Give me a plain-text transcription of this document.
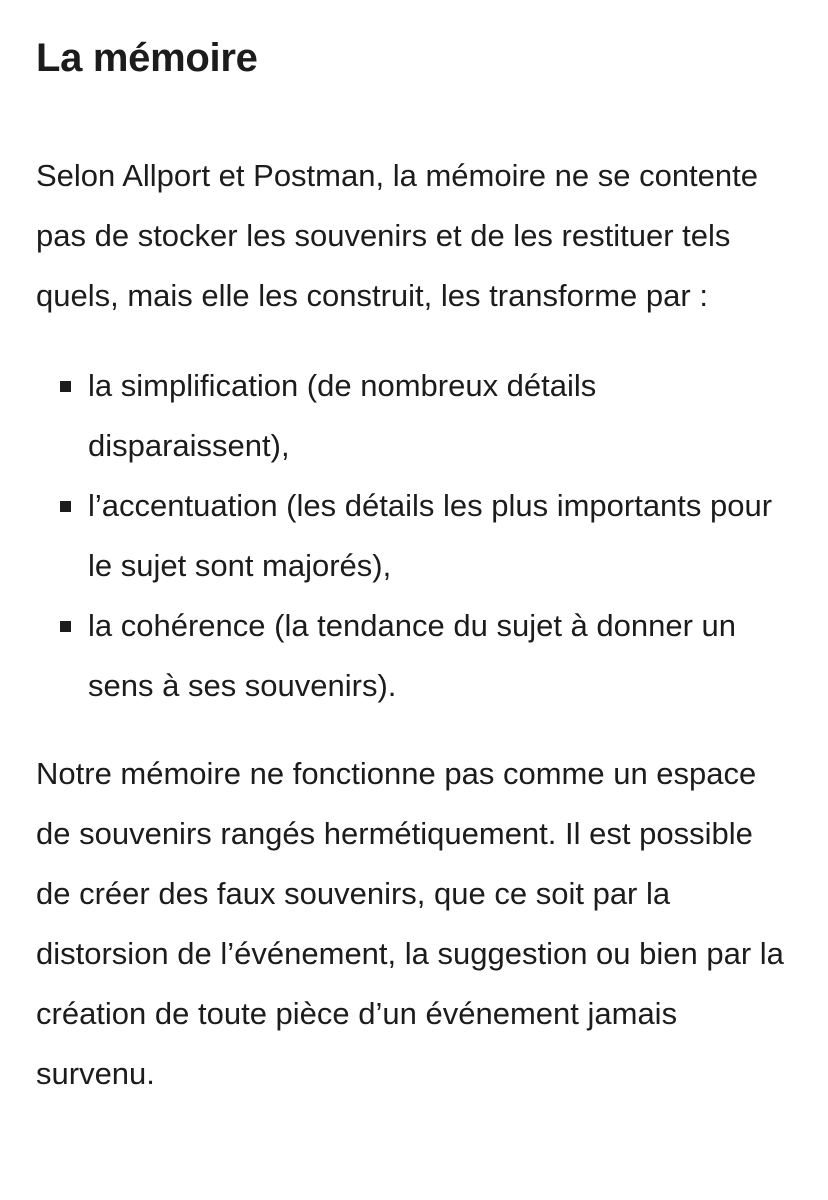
La mémoire

Selon Allport et Postman, la mémoire ne se contente pas de stocker les souvenirs et de les restituer tels quels, mais elle les construit, les transforme par :

la simplification (de nombreux détails disparaissent),
l’accentuation (les détails les plus importants pour le sujet sont majorés),
la cohérence (la tendance du sujet à donner un sens à ses souvenirs).

Notre mémoire ne fonctionne pas comme un espace de souvenirs rangés hermétiquement. Il est possible de créer des faux souvenirs, que ce soit par la distorsion de l’événement, la suggestion ou bien par la création de toute pièce d’un événement jamais survenu.
